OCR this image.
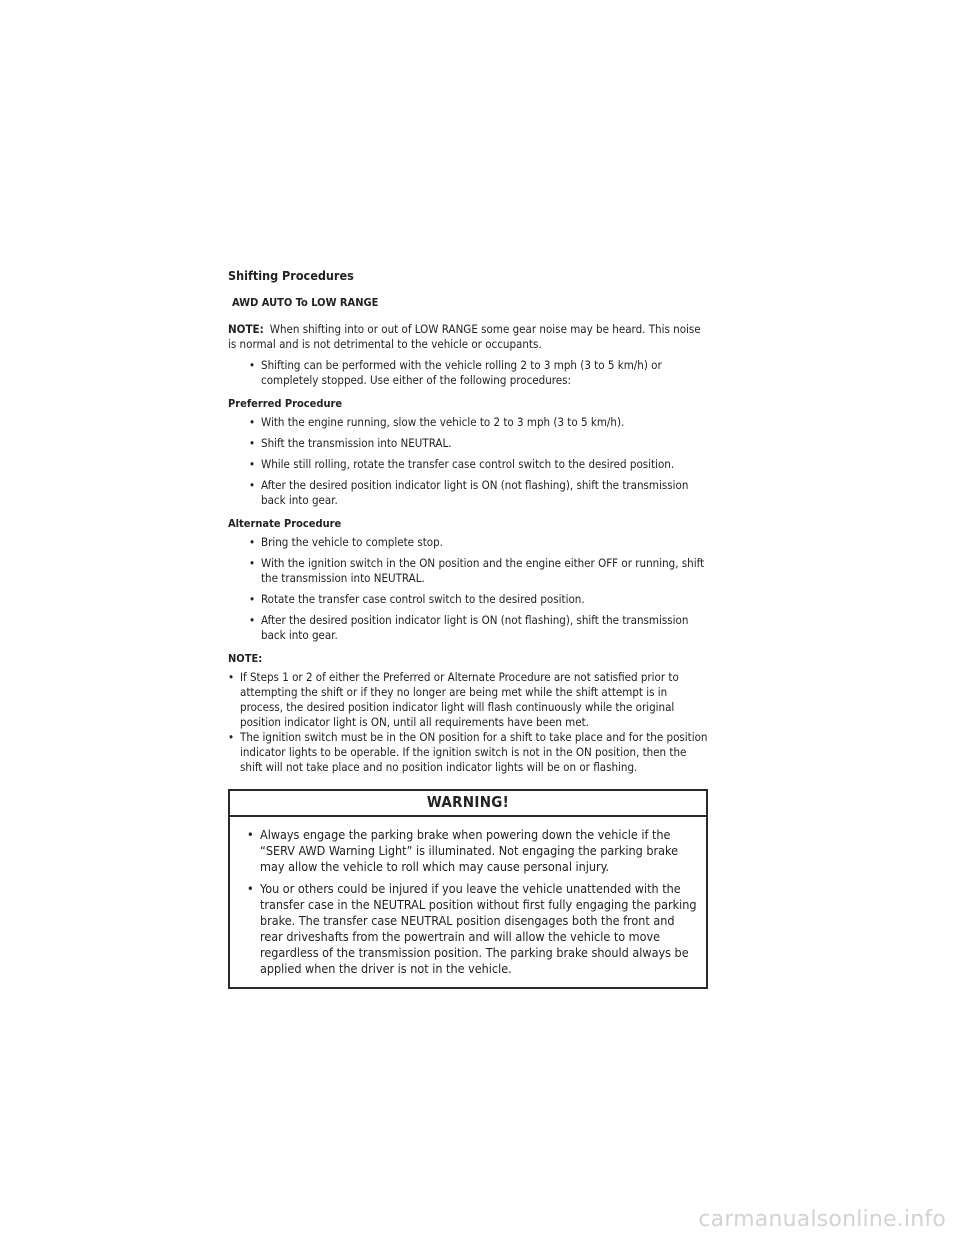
Shifting Procedures
AWD AUTO To LOW RANGE

NOTE: When shifting into or out of LOW RANGE some gear noise may be heard. This noise is normal and is not detrimental to the vehicle or occupants.

• Shifting can be performed with the vehicle rolling 2 to 3 mph (3 to 5 km/h) or completely stopped. Use either of the following procedures:
Preferred Procedure
• With the engine running, slow the vehicle to 2 to 3 mph (3 to 5 km/h).
• Shift the transmission into NEUTRAL.
• While still rolling, rotate the transfer case control switch to the desired position.
• After the desired position indicator light is ON (not flashing), shift the transmission back into gear.
Alternate Procedure
• Bring the vehicle to complete stop.
• With the ignition switch in the ON position and the engine either OFF or running, shift the transmission into NEUTRAL.
• Rotate the transfer case control switch to the desired position.
• After the desired position indicator light is ON (not flashing), shift the transmission back into gear.
NOTE:
• If Steps 1 or 2 of either the Preferred or Alternate Procedure are not satisfied prior to attempting the shift or if they no longer are being met while the shift attempt is in process, the desired position indicator light will flash continuously while the original position indicator light is ON, until all requirements have been met.
• The ignition switch must be in the ON position for a shift to take place and for the position indicator lights to be operable. If the ignition switch is not in the ON position, then the shift will not take place and no position indicator lights will be on or flashing.
WARNING!
• Always engage the parking brake when powering down the vehicle if the “SERV AWD Warning Light” is illuminated. Not engaging the parking brake may allow the vehicle to roll which may cause personal injury.
• You or others could be injured if you leave the vehicle unattended with the transfer case in the NEUTRAL position without first fully engaging the parking brake. The transfer case NEUTRAL position disengages both the front and rear driveshafts from the powertrain and will allow the vehicle to move regardless of the transmission position. The parking brake should always be applied when the driver is not in the vehicle.
carmanualsonline.info
